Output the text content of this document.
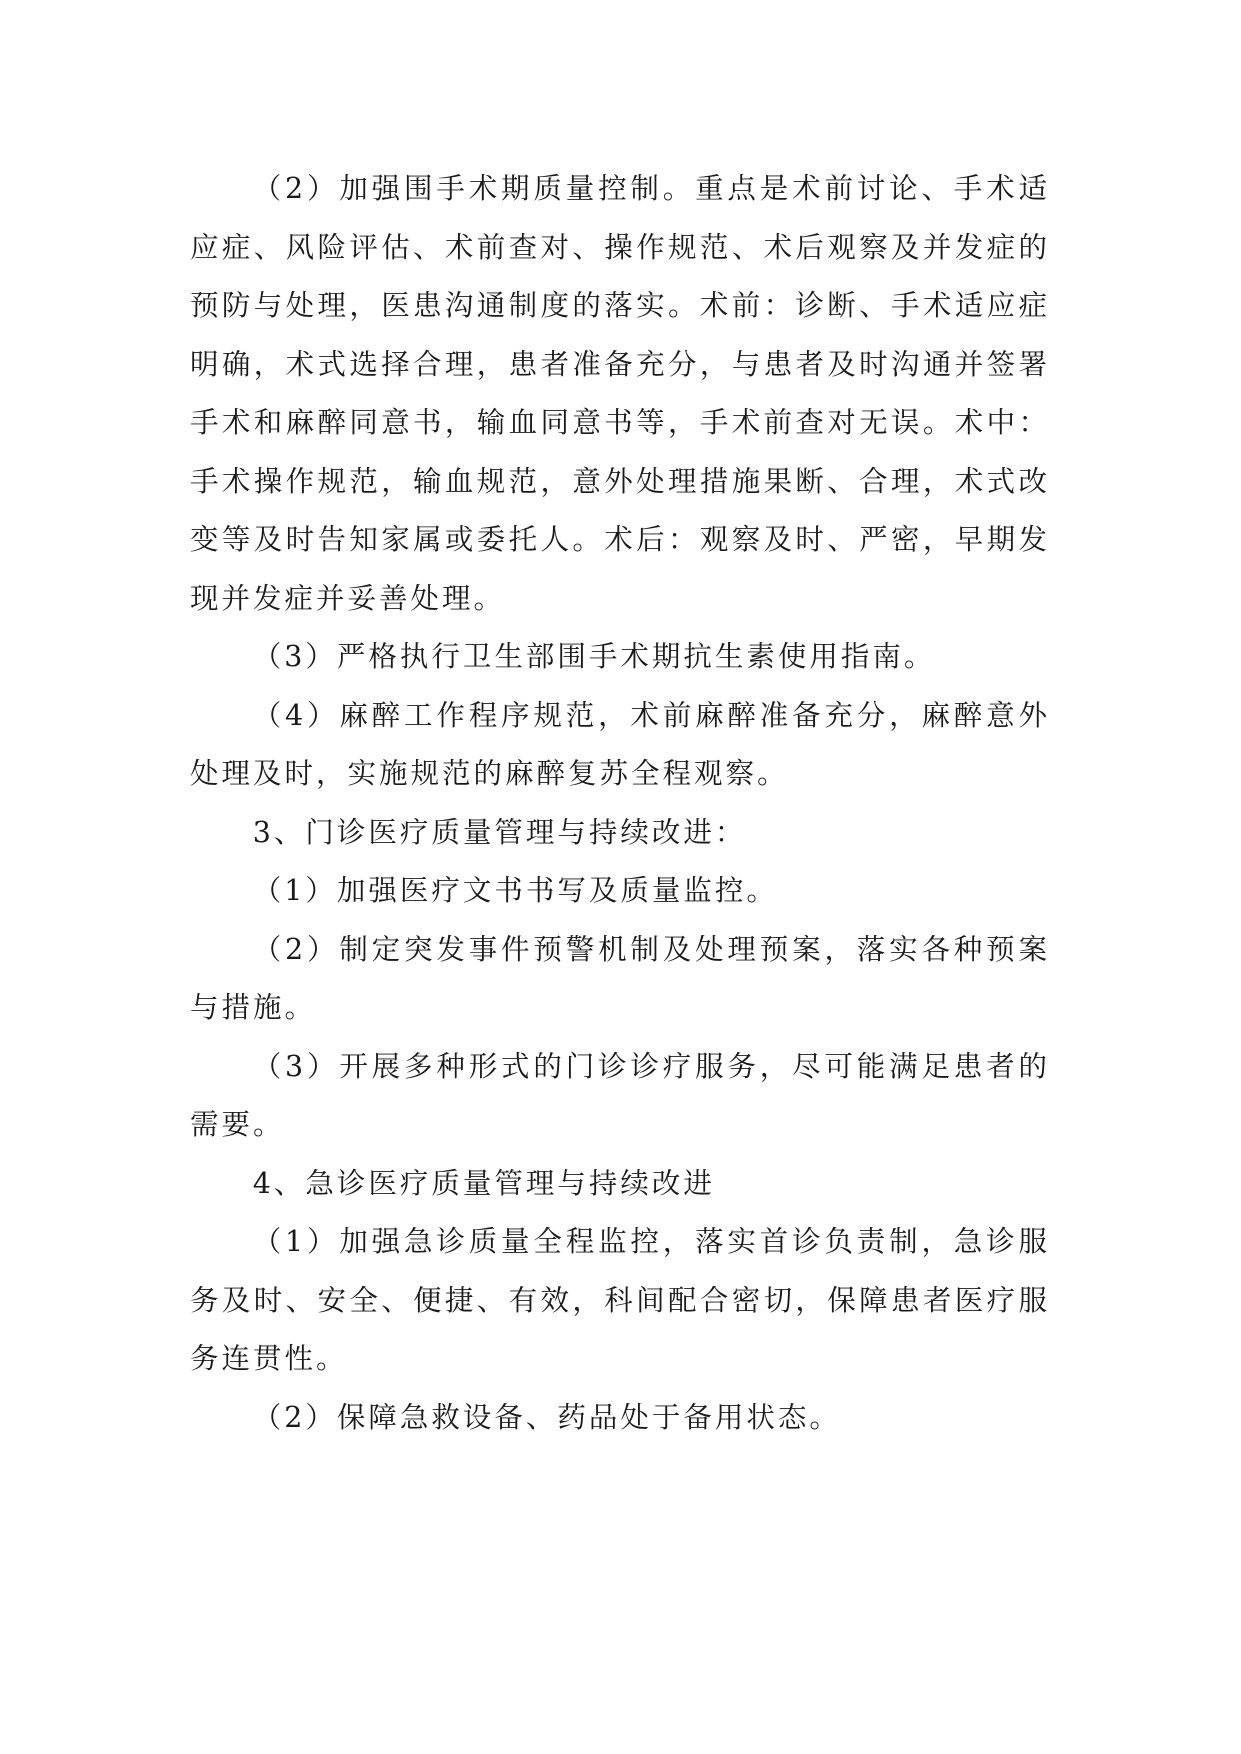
（2）加强围手术期质量控制。重点是术前讨论、手术适应症、风险评估、术前查对、操作规范、术后观察及并发症的预防与处理，医患沟通制度的落实。术前：诊断、手术适应症明确，术式选择合理，患者准备充分，与患者及时沟通并签署手术和麻醉同意书，输血同意书等，手术前查对无误。术中：手术操作规范，输血规范，意外处理措施果断、合理，术式改变等及时告知家属或委托人。术后：观察及时、严密，早期发现并发症并妥善处理。

（3）严格执行卫生部围手术期抗生素使用指南。

（4）麻醉工作程序规范，术前麻醉准备充分，麻醉意外处理及时，实施规范的麻醉复苏全程观察。

3、门诊医疗质量管理与持续改进：

（1）加强医疗文书书写及质量监控。

（2）制定突发事件预警机制及处理预案，落实各种预案与措施。

（3）开展多种形式的门诊诊疗服务，尽可能满足患者的需要。

4、急诊医疗质量管理与持续改进

（1）加强急诊质量全程监控，落实首诊负责制，急诊服务及时、安全、便捷、有效，科间配合密切，保障患者医疗服务连贯性。

（2）保障急救设备、药品处于备用状态。
